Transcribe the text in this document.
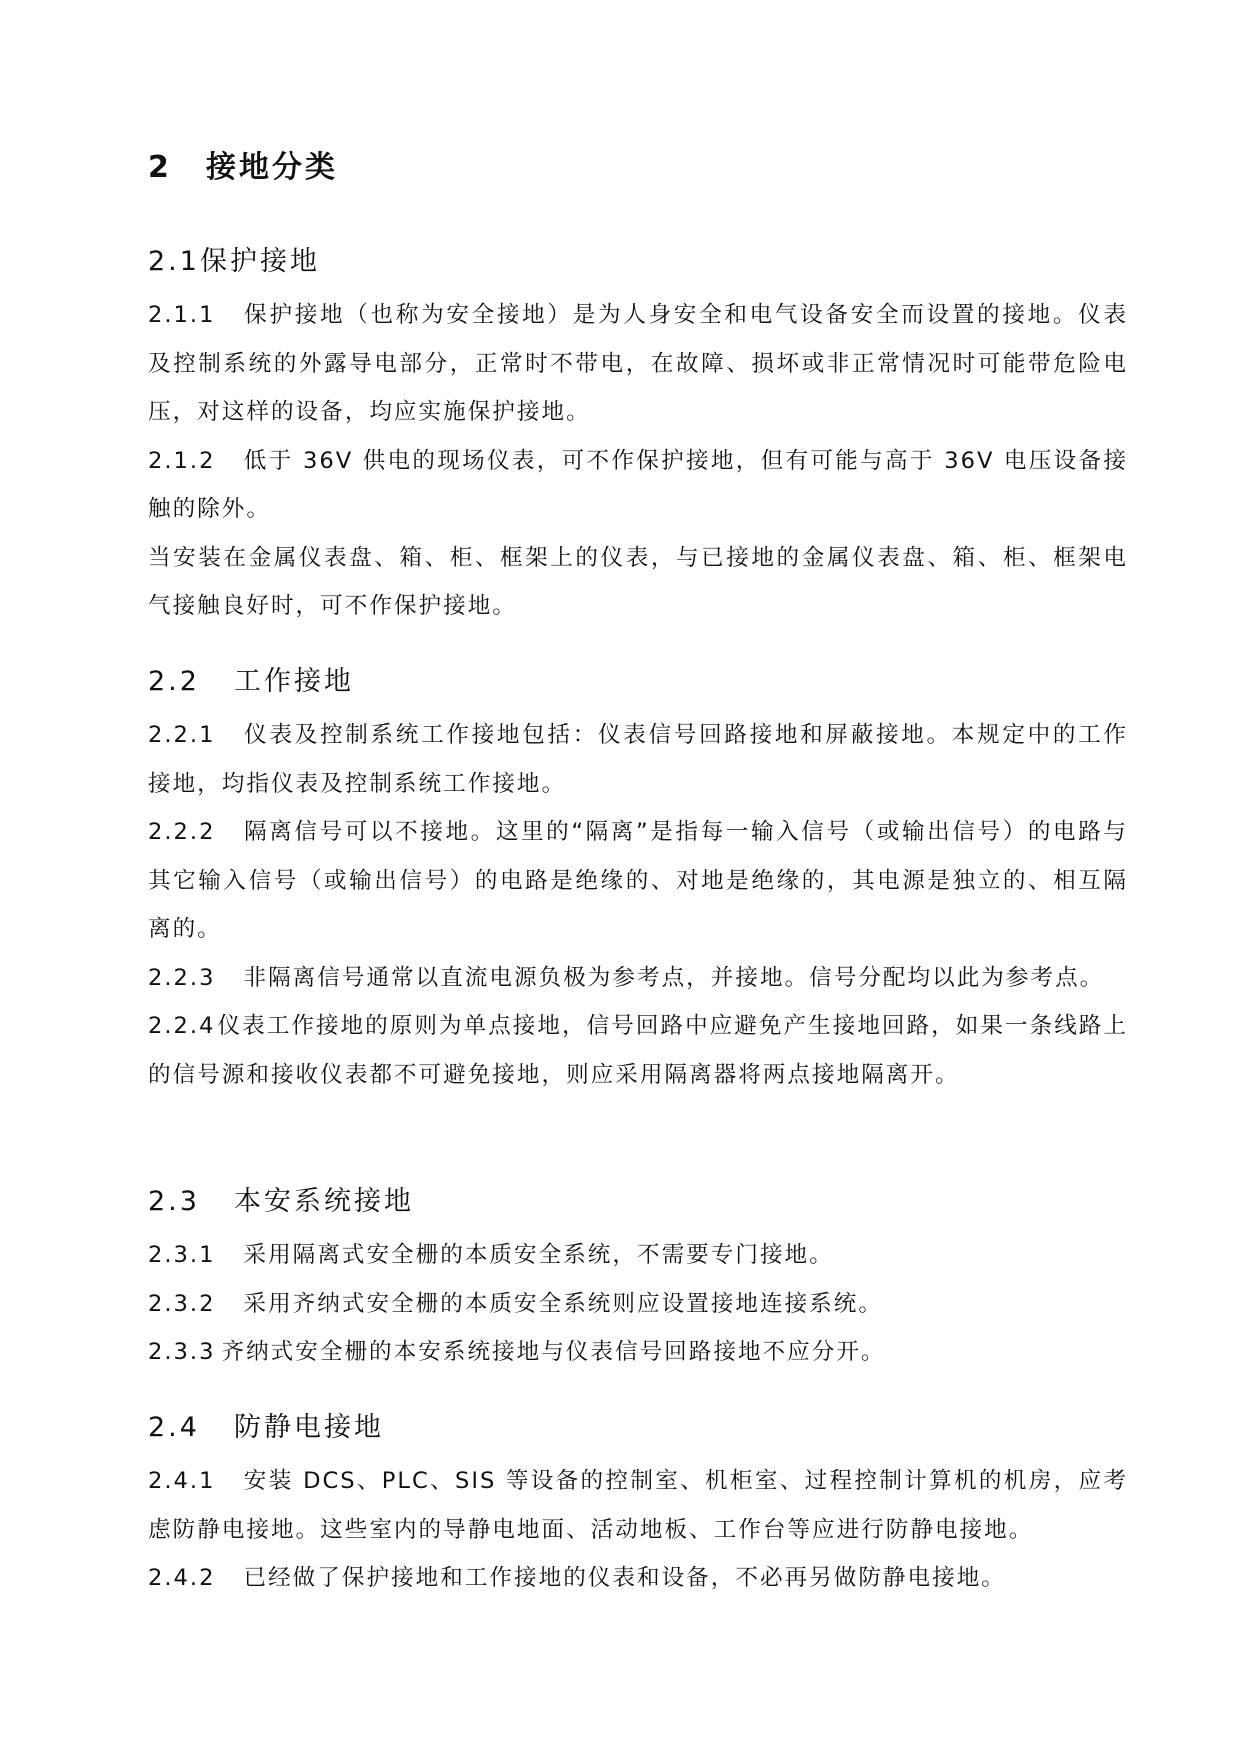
2 接地分类
2.1保护接地

2.1.1 保护接地（也称为安全接地）是为人身安全和电气设备安全而设置的接地。仪表及控制系统的外露导电部分，正常时不带电，在故障、损坏或非正常情况时可能带危险电压，对这样的设备，均应实施保护接地。

2.1.2 低于 36V 供电的现场仪表，可不作保护接地，但有可能与高于 36V 电压设备接触的除外。

当安装在金属仪表盘、箱、柜、框架上的仪表，与已接地的金属仪表盘、箱、柜、框架电气接触良好时，可不作保护接地。

2.2 工作接地

2.2.1 仪表及控制系统工作接地包括：仪表信号回路接地和屏蔽接地。本规定中的工作接地，均指仪表及控制系统工作接地。

2.2.2 隔离信号可以不接地。这里的“隔离”是指每一输入信号（或输出信号）的电路与其它输入信号（或输出信号）的电路是绝缘的、对地是绝缘的，其电源是独立的、相互隔离的。

2.2.3 非隔离信号通常以直流电源负极为参考点，并接地。信号分配均以此为参考点。

2.2.4仪表工作接地的原则为单点接地，信号回路中应避免产生接地回路，如果一条线路上的信号源和接收仪表都不可避免接地，则应采用隔离器将两点接地隔离开。

2.3 本安系统接地

2.3.1 采用隔离式安全栅的本质安全系统，不需要专门接地。

2.3.2 采用齐纳式安全栅的本质安全系统则应设置接地连接系统。

2.3.3 齐纳式安全栅的本安系统接地与仪表信号回路接地不应分开。

2.4 防静电接地

2.4.1 安装 DCS、PLC、SIS 等设备的控制室、机柜室、过程控制计算机的机房，应考虑防静电接地。这些室内的导静电地面、活动地板、工作台等应进行防静电接地。

2.4.2 已经做了保护接地和工作接地的仪表和设备，不必再另做防静电接地。
